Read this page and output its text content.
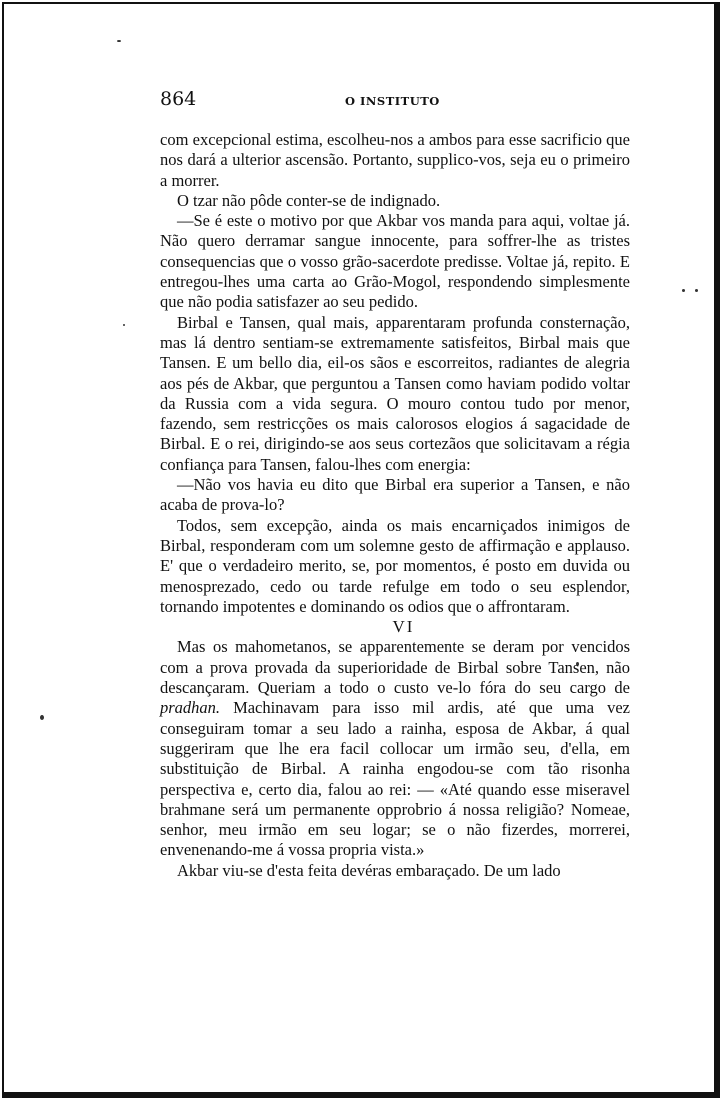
864	O INSTITUTO

com excepcional estima, escolheu-nos a ambos para esse sacrificio que nos dará a ulterior ascensão. Portanto, supplico-vos, seja eu o primeiro a morrer.

O tzar não pôde conter-se de indignado.

—Se é este o motivo por que Akbar vos manda para aqui, voltae já. Não quero derramar sangue innocente, para soffrer-lhe as tristes consequencias que o vosso grão-sacerdote predisse. Voltae já, repito. E entregou-lhes uma carta ao Grão-Mogol, respondendo simplesmente que não podia satisfazer ao seu pedido.

Birbal e Tansen, qual mais, apparentaram profunda consternação, mas lá dentro sentiam-se extremamente satisfeitos, Birbal mais que Tansen. E um bello dia, eil-os sãos e escorreitos, radiantes de alegria aos pés de Akbar, que perguntou a Tansen como haviam podido voltar da Russia com a vida segura. O mouro contou tudo por menor, fazendo, sem restricções os mais calorosos elogios á sagacidade de Birbal. E o rei, dirigindo-se aos seus cortezãos que solicitavam a régia confiança para Tansen, falou-lhes com energia:

—Não vos havia eu dito que Birbal era superior a Tansen, e não acaba de prova-lo?

Todos, sem excepção, ainda os mais encarniçados inimigos de Birbal, responderam com um solemne gesto de affirmação e applauso. E' que o verdadeiro merito, se, por momentos, é posto em duvida ou menosprezado, cedo ou tarde refulge em todo o seu esplendor, tornando impotentes e dominando os odios que o affrontaram.

VI

Mas os mahometanos, se apparentemente se deram por vencidos com a prova provada da superioridade de Birbal sobre Tansen, não descançaram. Queriam a todo o custo ve-lo fóra do seu cargo de pradhan. Machinavam para isso mil ardis, até que uma vez conseguiram tomar a seu lado a rainha, esposa de Akbar, á qual suggeriram que lhe era facil collocar um irmão seu, d'ella, em substituição de Birbal. A rainha engodou-se com tão risonha perspectiva e, certo dia, falou ao rei: — «Até quando esse miseravel brahmane será um permanente opprobrio á nossa religião? Nomeae, senhor, meu irmão em seu logar; se o não fizerdes, morrerei, envenenando-me á vossa propria vista.»

Akbar viu-se d'esta feita devéras embaraçado. De um lado
